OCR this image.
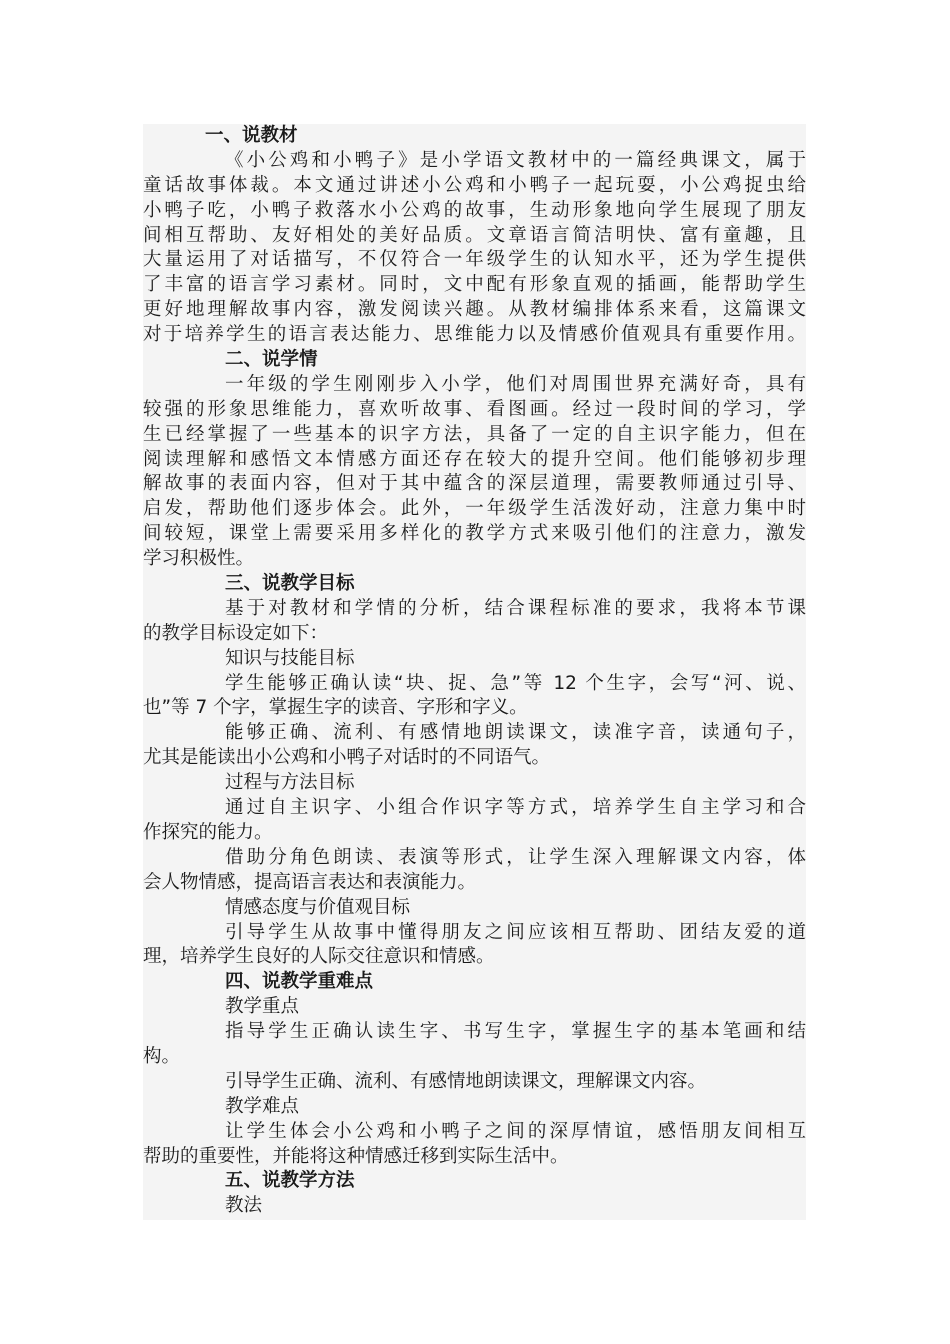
一、说教材
《小公鸡和小鸭子》是小学语文教材中的一篇经典课文，属于
童话故事体裁。本文通过讲述小公鸡和小鸭子一起玩耍，小公鸡捉虫给
小鸭子吃，小鸭子救落水小公鸡的故事，生动形象地向学生展现了朋友
间相互帮助、友好相处的美好品质。文章语言简洁明快、富有童趣，且
大量运用了对话描写，不仅符合一年级学生的认知水平，还为学生提供
了丰富的语言学习素材。同时，文中配有形象直观的插画，能帮助学生
更好地理解故事内容，激发阅读兴趣。从教材编排体系来看，这篇课文
对于培养学生的语言表达能力、思维能力以及情感价值观具有重要作用。
二、说学情
一年级的学生刚刚步入小学，他们对周围世界充满好奇，具有
较强的形象思维能力，喜欢听故事、看图画。经过一段时间的学习，学
生已经掌握了一些基本的识字方法，具备了一定的自主识字能力，但在
阅读理解和感悟文本情感方面还存在较大的提升空间。他们能够初步理
解故事的表面内容，但对于其中蕴含的深层道理，需要教师通过引导、
启发，帮助他们逐步体会。此外，一年级学生活泼好动，注意力集中时
间较短，课堂上需要采用多样化的教学方式来吸引他们的注意力，激发
学习积极性。
三、说教学目标
基于对教材和学情的分析，结合课程标准的要求，我将本节课
的教学目标设定如下：
知识与技能目标
学生能够正确认读“块、捉、急”等 12 个生字，会写“河、说、
也”等 7 个字，掌握生字的读音、字形和字义。
能够正确、流利、有感情地朗读课文，读准字音，读通句子，
尤其是能读出小公鸡和小鸭子对话时的不同语气。
过程与方法目标
通过自主识字、小组合作识字等方式，培养学生自主学习和合
作探究的能力。
借助分角色朗读、表演等形式，让学生深入理解课文内容，体
会人物情感，提高语言表达和表演能力。
情感态度与价值观目标
引导学生从故事中懂得朋友之间应该相互帮助、团结友爱的道
理，培养学生良好的人际交往意识和情感。
四、说教学重难点
教学重点
指导学生正确认读生字、书写生字，掌握生字的基本笔画和结
构。
引导学生正确、流利、有感情地朗读课文，理解课文内容。
教学难点
让学生体会小公鸡和小鸭子之间的深厚情谊，感悟朋友间相互
帮助的重要性，并能将这种情感迁移到实际生活中。
五、说教学方法
教法
